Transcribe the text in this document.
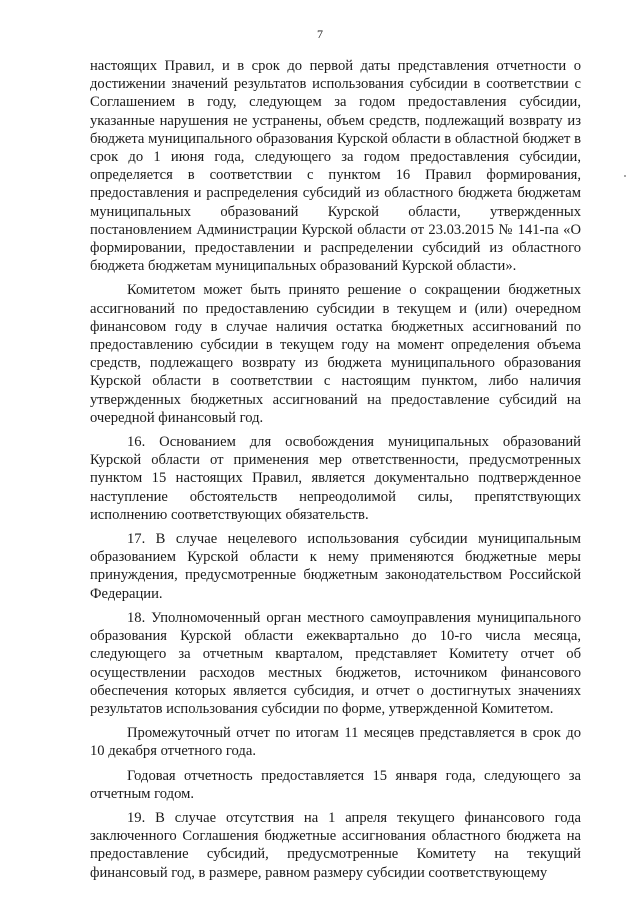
7

настоящих Правил, и в срок до первой даты представления отчетности о достижении значений результатов использования субсидии в соответствии с Соглашением в году, следующем за годом предоставления субсидии, указанные нарушения не устранены, объем средств, подлежащий возврату из бюджета муниципального образования Курской области в областной бюджет в срок до 1 июня года, следующего за годом предоставления субсидии, определяется в соответствии с пунктом 16 Правил формирования, предоставления и распределения субсидий из областного бюджета бюджетам муниципальных образований Курской области, утвержденных постановлением Администрации Курской области от 23.03.2015 № 141-па «О формировании, предоставлении и распределении субсидий из областного бюджета бюджетам муниципальных образований Курской области».

Комитетом может быть принято решение о сокращении бюджетных ассигнований по предоставлению субсидии в текущем и (или) очередном финансовом году в случае наличия остатка бюджетных ассигнований по предоставлению субсидии в текущем году на момент определения объема средств, подлежащего возврату из бюджета муниципального образования Курской области в соответствии с настоящим пунктом, либо наличия утвержденных бюджетных ассигнований на предоставление субсидий на очередной финансовый год.

16. Основанием для освобождения муниципальных образований Курской области от применения мер ответственности, предусмотренных пунктом 15 настоящих Правил, является документально подтвержденное наступление обстоятельств непреодолимой силы, препятствующих исполнению соответствующих обязательств.

17. В случае нецелевого использования субсидии муниципальным образованием Курской области к нему применяются бюджетные меры принуждения, предусмотренные бюджетным законодательством Российской Федерации.

18. Уполномоченный орган местного самоуправления муниципального образования Курской области ежеквартально до 10-го числа месяца, следующего за отчетным кварталом, представляет Комитету отчет об осуществлении расходов местных бюджетов, источником финансового обеспечения которых является субсидия, и отчет о достигнутых значениях результатов использования субсидии по форме, утвержденной Комитетом.

Промежуточный отчет по итогам 11 месяцев представляется в срок до 10 декабря отчетного года.

Годовая отчетность предоставляется 15 января года, следующего за отчетным годом.

19. В случае отсутствия на 1 апреля текущего финансового года заключенного Соглашения бюджетные ассигнования областного бюджета на предоставление субсидий, предусмотренные Комитету на текущий финансовый год, в размере, равном размеру субсидии соответствующему
